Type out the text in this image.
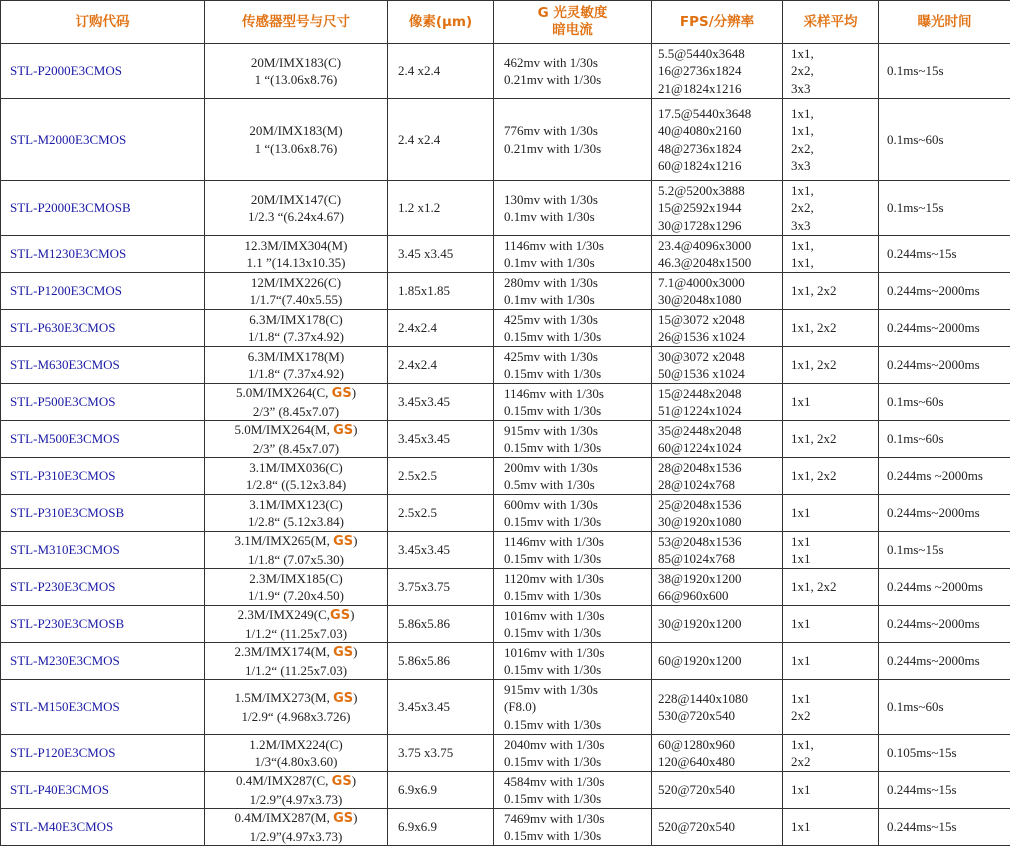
订购代码	传感器型号与尺寸	像素(μm)	G 光灵敏度
暗电流	FPS/分辨率	采样平均	曝光时间
STL-P2000E3CMOS	20M/IMX183(C)
1 “(13.06x8.76)	2.4 x2.4	462mv with 1/30s
0.21mv with 1/30s	5.5@5440x3648
16@2736x1824
21@1824x1216	1x1,
2x2,
3x3	0.1ms~15s
STL-M2000E3CMOS	20M/IMX183(M)
1 “(13.06x8.76)	2.4 x2.4	776mv with 1/30s
0.21mv with 1/30s	17.5@5440x3648
40@4080x2160
48@2736x1824
60@1824x1216	1x1,
1x1,
2x2,
3x3	0.1ms~60s
STL-P2000E3CMOSB	20M/IMX147(C)
1/2.3 “(6.24x4.67)	1.2 x1.2	130mv with 1/30s
0.1mv with 1/30s	5.2@5200x3888
15@2592x1944
30@1728x1296	1x1,
2x2,
3x3	0.1ms~15s
STL-M1230E3CMOS	12.3M/IMX304(M)
1.1 ”(14.13x10.35)	3.45 x3.45	1146mv with 1/30s
0.1mv with 1/30s	23.4@4096x3000
46.3@2048x1500	1x1,
1x1,	0.244ms~15s
STL-P1200E3CMOS	12M/IMX226(C)
1/1.7“(7.40x5.55)	1.85x1.85	280mv with 1/30s
0.1mv with 1/30s	7.1@4000x3000
30@2048x1080	1x1, 2x2	0.244ms~2000ms
STL-P630E3CMOS	6.3M/IMX178(C)
1/1.8“ (7.37x4.92)	2.4x2.4	425mv with 1/30s
0.15mv with 1/30s	15@3072 x2048
26@1536 x1024	1x1, 2x2	0.244ms~2000ms
STL-M630E3CMOS	6.3M/IMX178(M)
1/1.8“ (7.37x4.92)	2.4x2.4	425mv with 1/30s
0.15mv with 1/30s	30@3072 x2048
50@1536 x1024	1x1, 2x2	0.244ms~2000ms
STL-P500E3CMOS	5.0M/IMX264(C, GS)
2/3” (8.45x7.07)	3.45x3.45	1146mv with 1/30s
0.15mv with 1/30s	15@2448x2048
51@1224x1024	1x1	0.1ms~60s
STL-M500E3CMOS	5.0M/IMX264(M, GS)
2/3” (8.45x7.07)	3.45x3.45	915mv with 1/30s
0.15mv with 1/30s	35@2448x2048
60@1224x1024	1x1, 2x2	0.1ms~60s
STL-P310E3CMOS	3.1M/IMX036(C)
1/2.8“ ((5.12x3.84)	2.5x2.5	200mv with 1/30s
0.5mv with 1/30s	28@2048x1536
28@1024x768	1x1, 2x2	0.244ms ~2000ms
STL-P310E3CMOSB	3.1M/IMX123(C)
1/2.8“ (5.12x3.84)	2.5x2.5	600mv with 1/30s
0.15mv with 1/30s	25@2048x1536
30@1920x1080	1x1	0.244ms~2000ms
STL-M310E3CMOS	3.1M/IMX265(M, GS)
1/1.8“ (7.07x5.30)	3.45x3.45	1146mv with 1/30s
0.15mv with 1/30s	53@2048x1536
85@1024x768	1x1
1x1	0.1ms~15s
STL-P230E3CMOS	2.3M/IMX185(C)
1/1.9“ (7.20x4.50)	3.75x3.75	1120mv with 1/30s
0.15mv with 1/30s	38@1920x1200
66@960x600	1x1, 2x2	0.244ms ~2000ms
STL-P230E3CMOSB	2.3M/IMX249(C,GS)
1/1.2“ (11.25x7.03)	5.86x5.86	1016mv with 1/30s
0.15mv with 1/30s	30@1920x1200	1x1	0.244ms~2000ms
STL-M230E3CMOS	2.3M/IMX174(M, GS)
1/1.2“ (11.25x7.03)	5.86x5.86	1016mv with 1/30s
0.15mv with 1/30s	60@1920x1200	1x1	0.244ms~2000ms
STL-M150E3CMOS	1.5M/IMX273(M, GS)
1/2.9“ (4.968x3.726)	3.45x3.45	915mv with 1/30s
(F8.0)
0.15mv with 1/30s	228@1440x1080
530@720x540	1x1
2x2	0.1ms~60s
STL-P120E3CMOS	1.2M/IMX224(C)
1/3“(4.80x3.60)	3.75 x3.75	2040mv with 1/30s
0.15mv with 1/30s	60@1280x960
120@640x480	1x1,
2x2	0.105ms~15s
STL-P40E3CMOS	0.4M/IMX287(C, GS)
1/2.9”(4.97x3.73)	6.9x6.9	4584mv with 1/30s
0.15mv with 1/30s	520@720x540	1x1	0.244ms~15s
STL-M40E3CMOS	0.4M/IMX287(M, GS)
1/2.9”(4.97x3.73)	6.9x6.9	7469mv with 1/30s
0.15mv with 1/30s	520@720x540	1x1	0.244ms~15s
